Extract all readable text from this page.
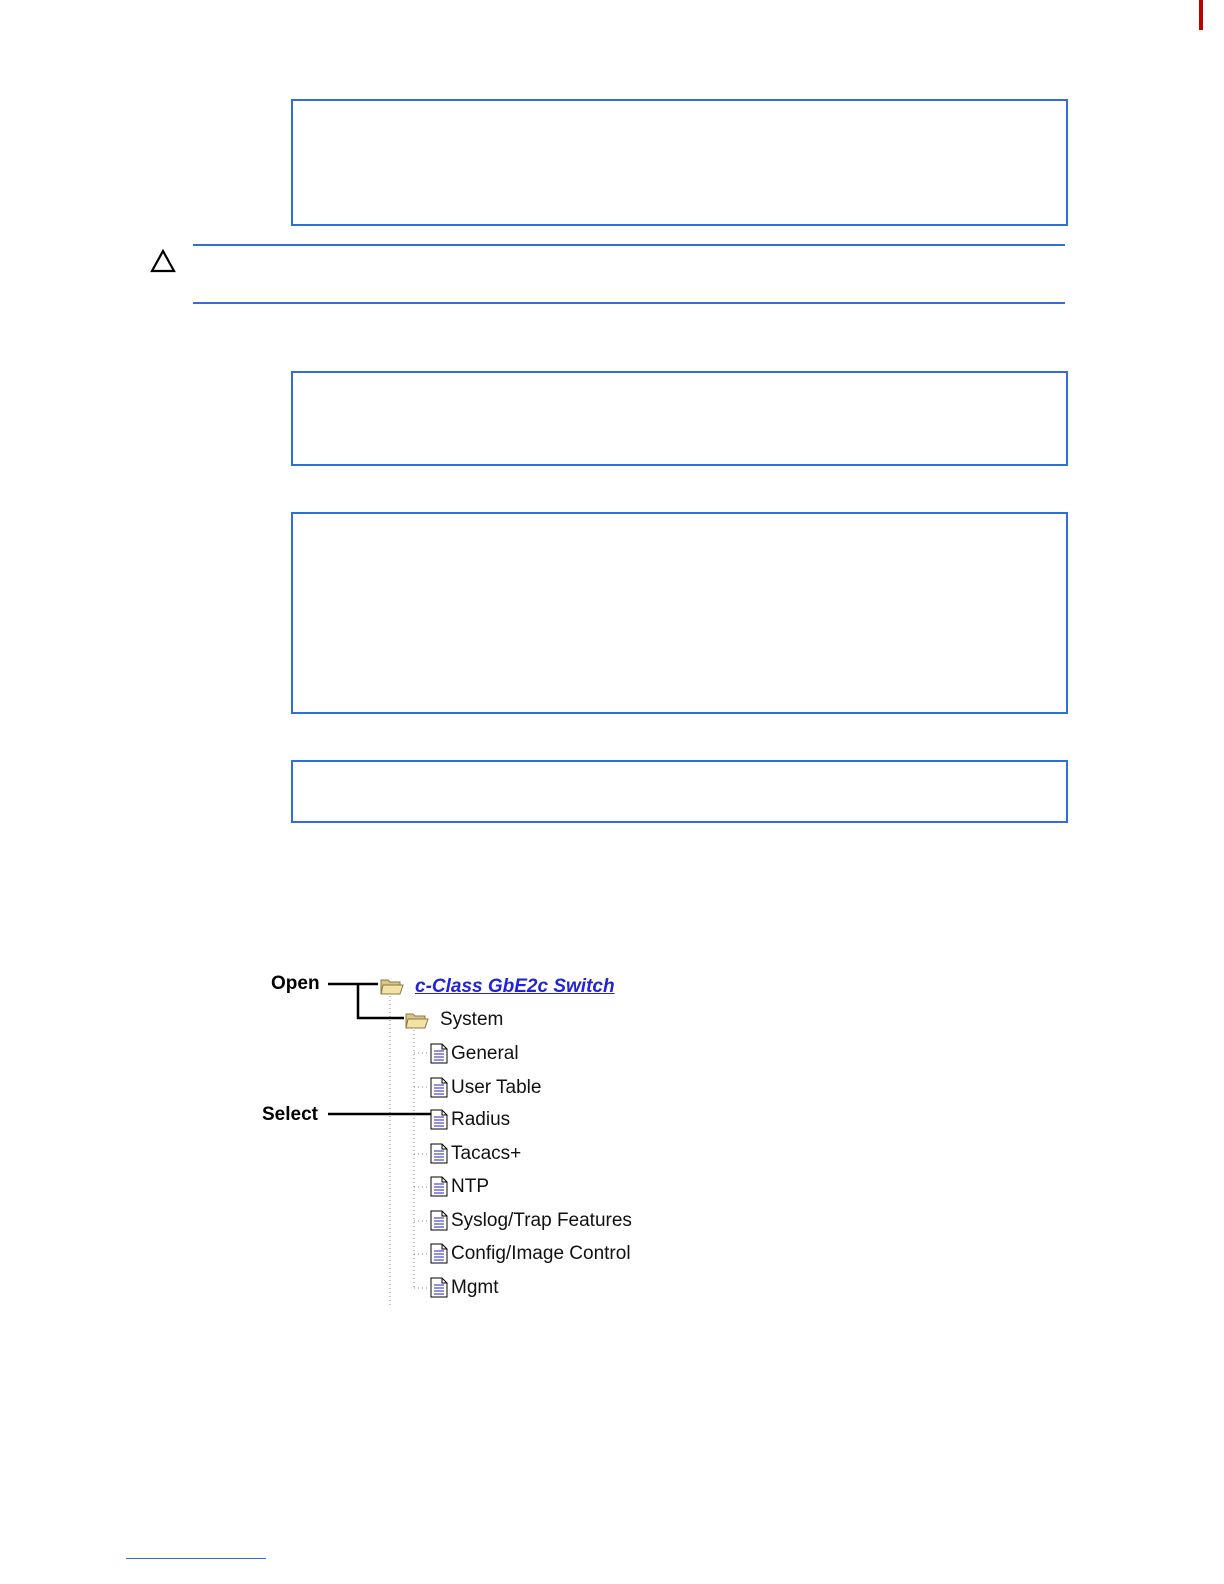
Open
Select
c-Class GbE2c Switch
System
General
User Table
Radius
Tacacs+
NTP
Syslog/Trap Features
Config/Image Control
Mgmt
